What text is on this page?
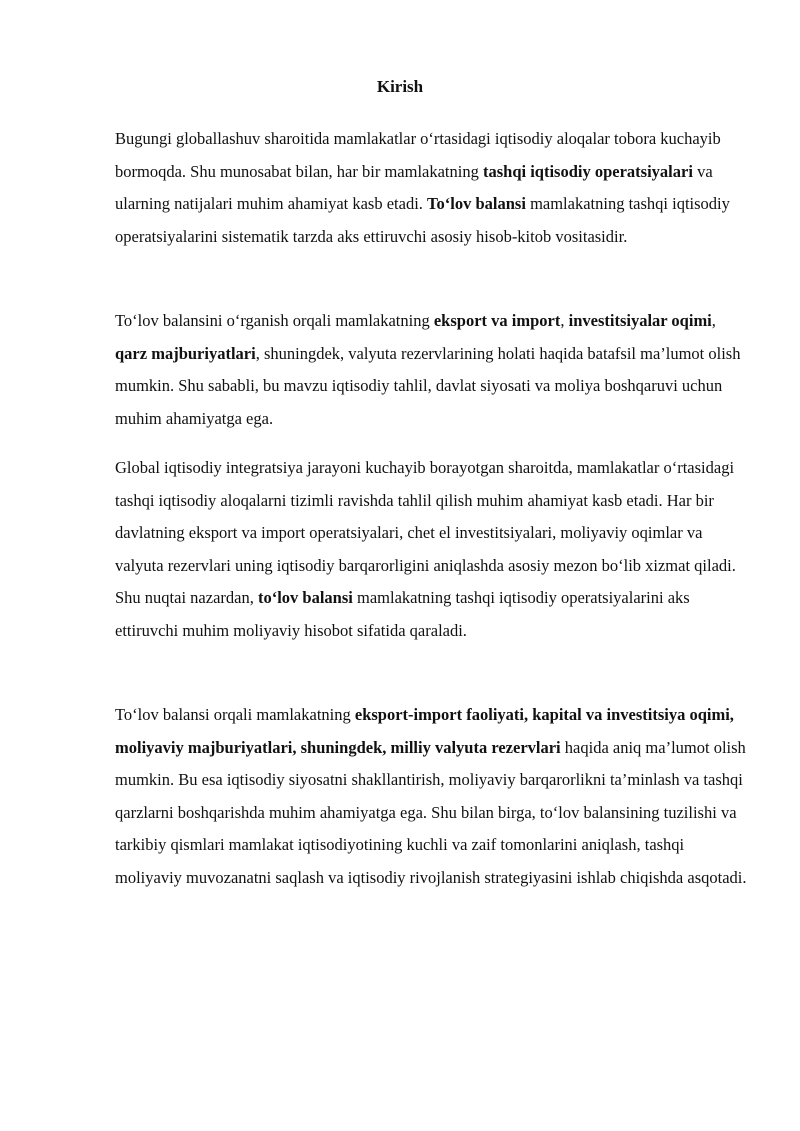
Kirish

Bugungi globallashuv sharoitida mamlakatlar o‘rtasidagi iqtisodiy aloqalar tobora kuchayib bormoqda. Shu munosabat bilan, har bir mamlakatning tashqi iqtisodiy operatsiyalari va ularning natijalari muhim ahamiyat kasb etadi. To‘lov balansi mamlakatning tashqi iqtisodiy operatsiyalarini sistematik tarzda aks ettiruvchi asosiy hisob-kitob vositasidir.

To‘lov balansini o‘rganish orqali mamlakatning eksport va import, investitsiyalar oqimi, qarz majburiyatlari, shuningdek, valyuta rezervlarining holati haqida batafsil ma’lumot olish mumkin. Shu sababli, bu mavzu iqtisodiy tahlil, davlat siyosati va moliya boshqaruvi uchun muhim ahamiyatga ega.

Global iqtisodiy integratsiya jarayoni kuchayib borayotgan sharoitda, mamlakatlar o‘rtasidagi tashqi iqtisodiy aloqalarni tizimli ravishda tahlil qilish muhim ahamiyat kasb etadi. Har bir davlatning eksport va import operatsiyalari, chet el investitsiyalari, moliyaviy oqimlar va valyuta rezervlari uning iqtisodiy barqarorligini aniqlashda asosiy mezon bo‘lib xizmat qiladi. Shu nuqtai nazardan, to‘lov balansi mamlakatning tashqi iqtisodiy operatsiyalarini aks ettiruvchi muhim moliyaviy hisobot sifatida qaraladi.

To‘lov balansi orqali mamlakatning eksport-import faoliyati, kapital va investitsiya oqimi, moliyaviy majburiyatlari, shuningdek, milliy valyuta rezervlari haqida aniq ma’lumot olish mumkin. Bu esa iqtisodiy siyosatni shakllantirish, moliyaviy barqarorlikni ta’minlash va tashqi qarzlarni boshqarishda muhim ahamiyatga ega. Shu bilan birga, to‘lov balansining tuzilishi va tarkibiy qismlari mamlakat iqtisodiyotining kuchli va zaif tomonlarini aniqlash, tashqi moliyaviy muvozanatni saqlash va iqtisodiy rivojlanish strategiyasini ishlab chiqishda asqotadi.
